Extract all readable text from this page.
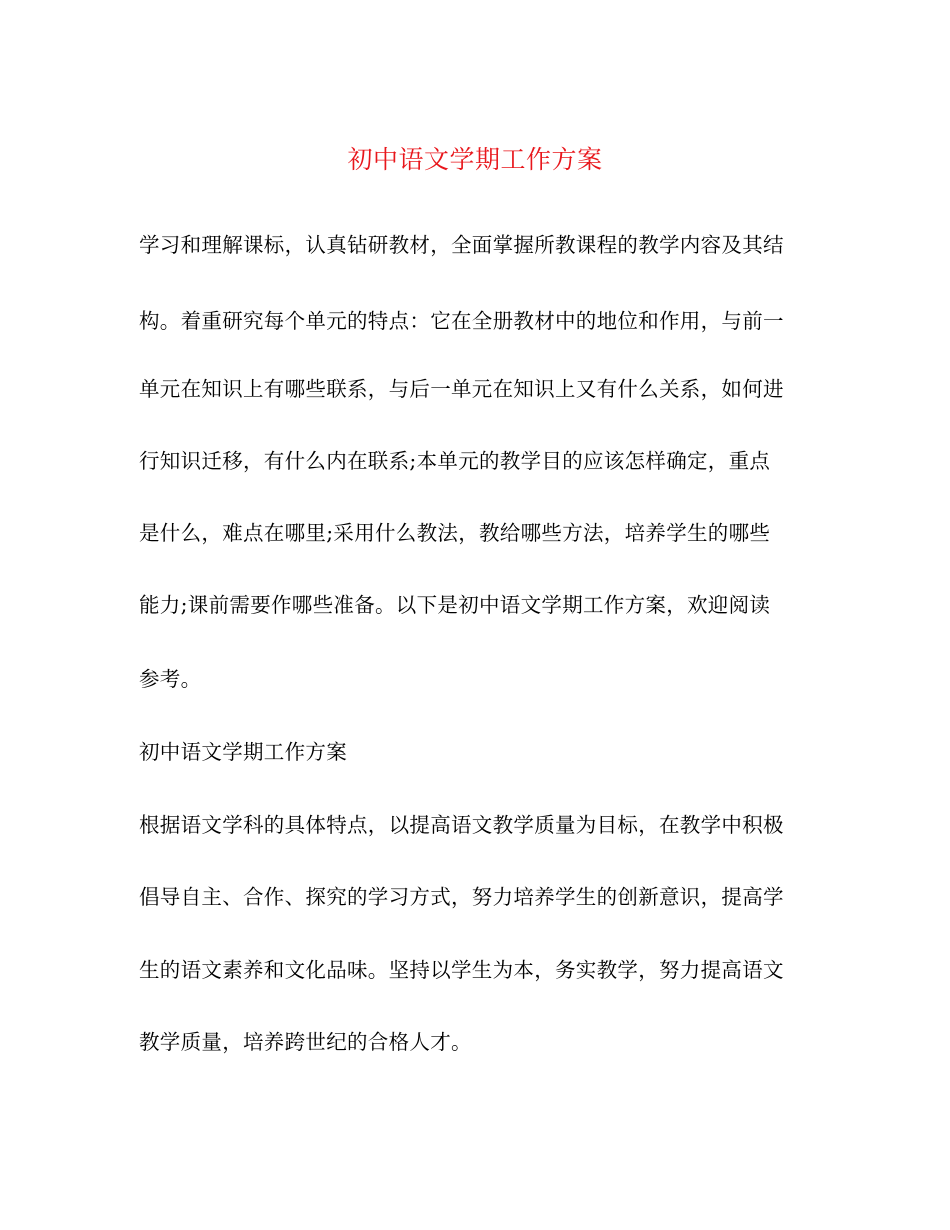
初中语文学期工作方案
学习和理解课标，认真钻研教材，全面掌握所教课程的教学内容及其结
构。着重研究每个单元的特点：它在全册教材中的地位和作用，与前一
单元在知识上有哪些联系，与后一单元在知识上又有什么关系，如何进
行知识迁移，有什么内在联系;本单元的教学目的应该怎样确定，重点
是什么，难点在哪里;采用什么教法，教给哪些方法，培养学生的哪些
能力;课前需要作哪些准备。以下是初中语文学期工作方案，欢迎阅读
参考。
初中语文学期工作方案
根据语文学科的具体特点，以提高语文教学质量为目标，在教学中积极
倡导自主、合作、探究的学习方式，努力培养学生的创新意识，提高学
生的语文素养和文化品味。坚持以学生为本，务实教学，努力提高语文
教学质量，培养跨世纪的合格人才。
